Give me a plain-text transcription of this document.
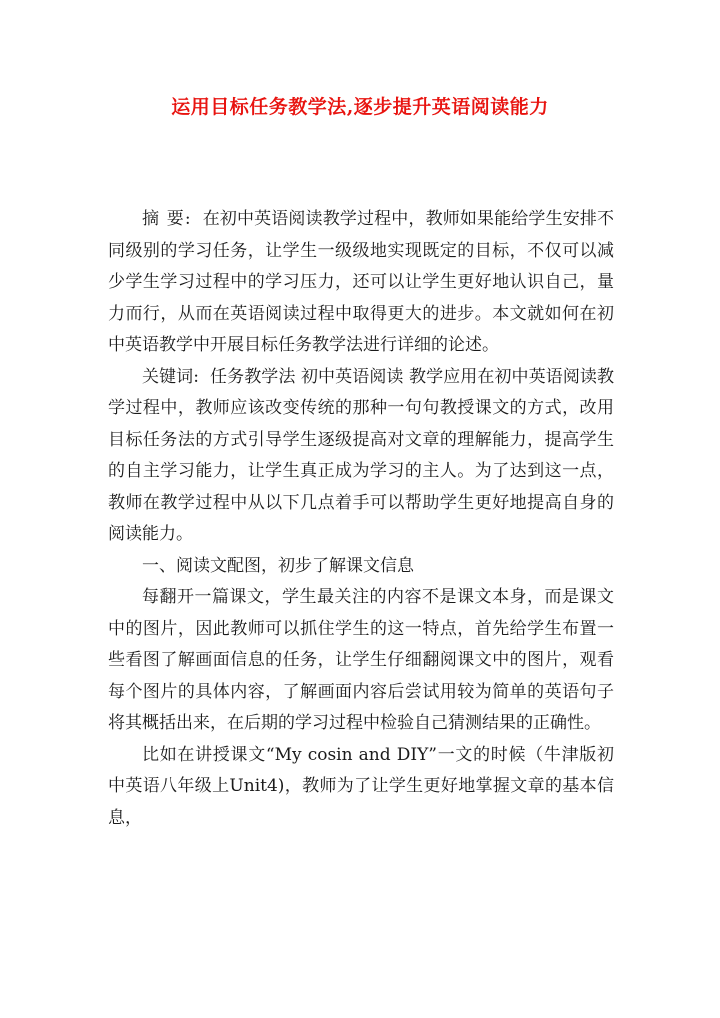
运用目标任务教学法,逐步提升英语阅读能力

摘 要: 在初中英语阅读教学过程中，教师如果能给学生安排不同级别的学习任务，让学生一级级地实现既定的目标，不仅可以减少学生学习过程中的学习压力，还可以让学生更好地认识自己，量力而行，从而在英语阅读过程中取得更大的进步。本文就如何在初中英语教学中开展目标任务教学法进行详细的论述。

关键词: 任务教学法 初中英语阅读 教学应用在初中英语阅读教学过程中，教师应该改变传统的那种一句句教授课文的方式，改用目标任务法的方式引导学生逐级提高对文章的理解能力，提高学生的自主学习能力，让学生真正成为学习的主人。为了达到这一点，教师在教学过程中从以下几点着手可以帮助学生更好地提高自身的阅读能力。

一、阅读文配图，初步了解课文信息

每翻开一篇课文，学生最关注的内容不是课文本身，而是课文中的图片，因此教师可以抓住学生的这一特点，首先给学生布置一些看图了解画面信息的任务，让学生仔细翻阅课文中的图片，观看每个图片的具体内容，了解画面内容后尝试用较为简单的英语句子将其概括出来，在后期的学习过程中检验自己猜测结果的正确性。

比如在讲授课文“My cosin and DIY”一文的时候（牛津版初中英语八年级上Unit4)，教师为了让学生更好地掌握文章的基本信息，
